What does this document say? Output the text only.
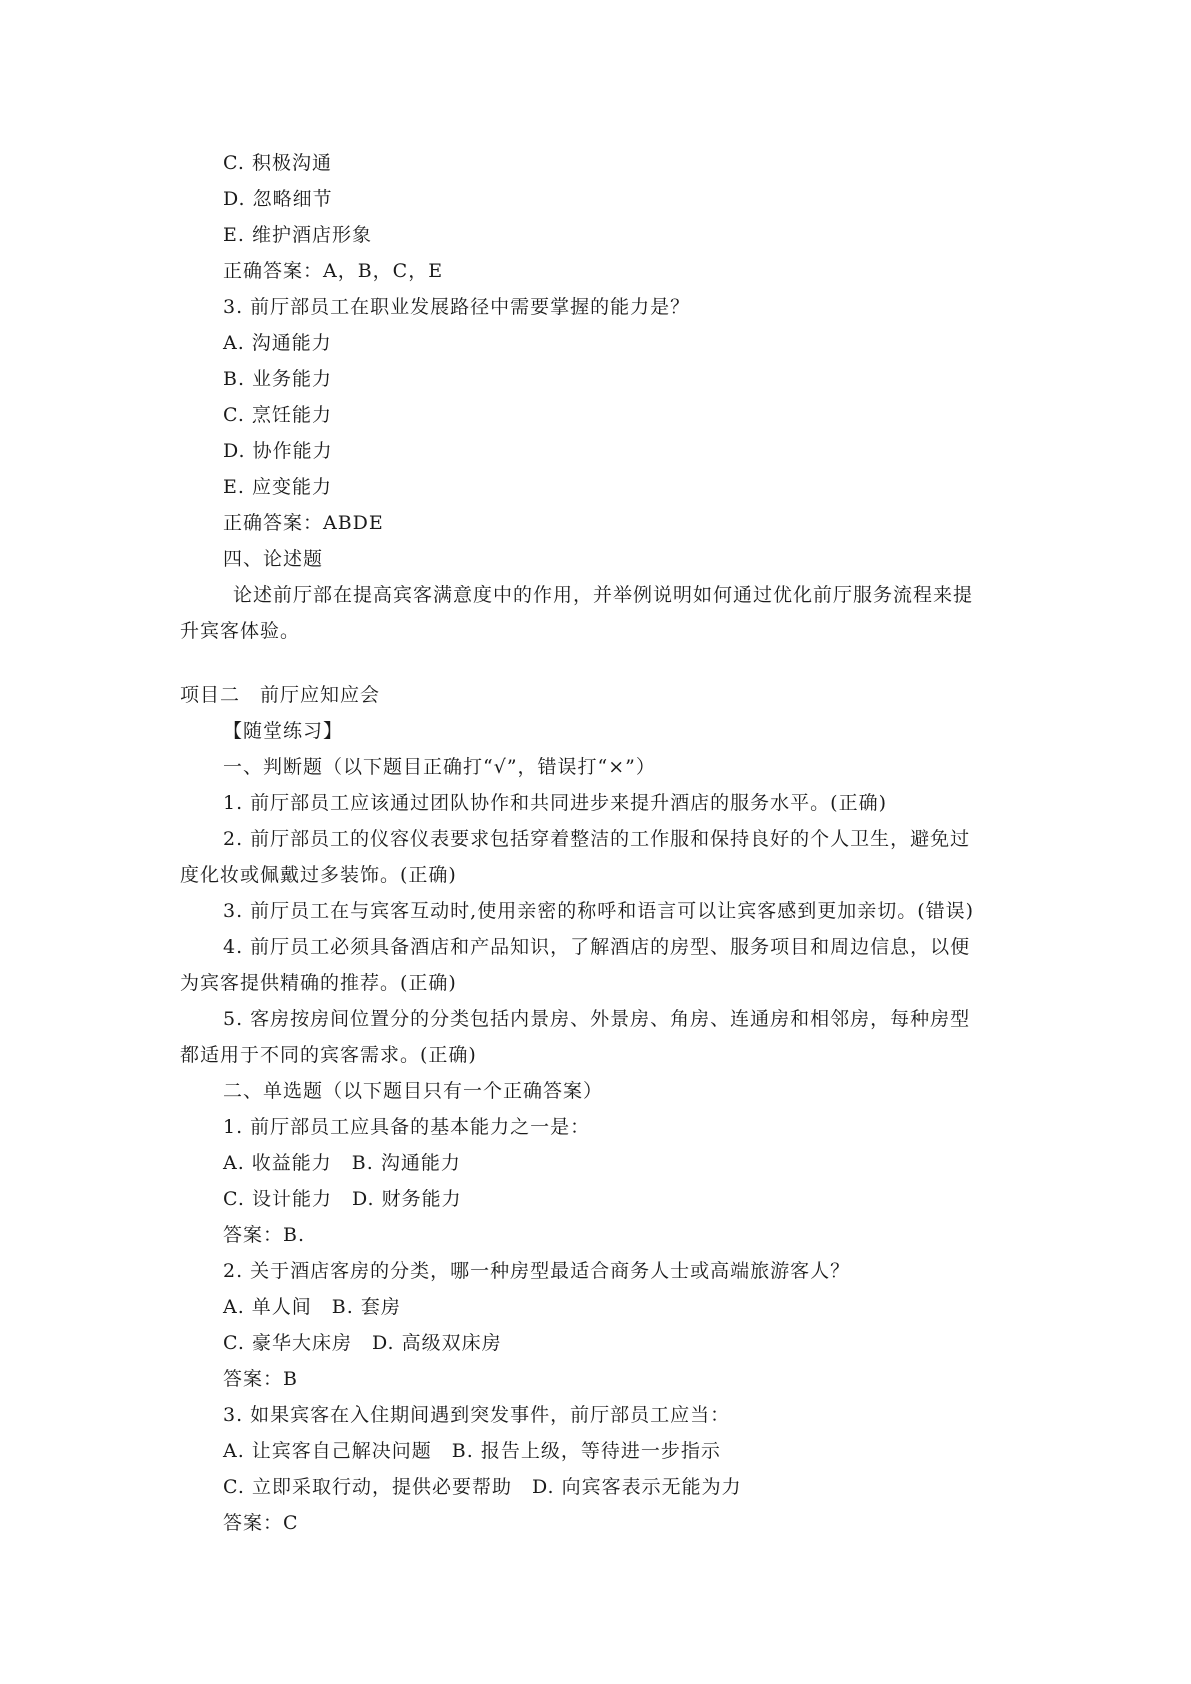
C. 积极沟通
D. 忽略细节
E. 维护酒店形象
正确答案：A，B，C，E
3. 前厅部员工在职业发展路径中需要掌握的能力是？
A. 沟通能力
B. 业务能力
C. 烹饪能力
D. 协作能力
E. 应变能力
正确答案：ABDE
四、论述题
论述前厅部在提高宾客满意度中的作用，并举例说明如何通过优化前厅服务流程来提
升宾客体验。
项目二　前厅应知应会
【随堂练习】
一、判断题（以下题目正确打“√”，错误打“×”）
1. 前厅部员工应该通过团队协作和共同进步来提升酒店的服务水平。(正确)
2. 前厅部员工的仪容仪表要求包括穿着整洁的工作服和保持良好的个人卫生，避免过
度化妆或佩戴过多装饰。(正确)
3. 前厅员工在与宾客互动时,使用亲密的称呼和语言可以让宾客感到更加亲切。(错误)
4. 前厅员工必须具备酒店和产品知识，了解酒店的房型、服务项目和周边信息，以便
为宾客提供精确的推荐。(正确)
5. 客房按房间位置分的分类包括内景房、外景房、角房、连通房和相邻房，每种房型
都适用于不同的宾客需求。(正确)
二、单选题（以下题目只有一个正确答案）
1. 前厅部员工应具备的基本能力之一是：
A. 收益能力　B. 沟通能力
C. 设计能力　D. 财务能力
答案：B.
2. 关于酒店客房的分类，哪一种房型最适合商务人士或高端旅游客人？
A. 单人间　B. 套房
C. 豪华大床房　D. 高级双床房
答案：B
3. 如果宾客在入住期间遇到突发事件，前厅部员工应当：
A. 让宾客自己解决问题　B. 报告上级，等待进一步指示
C. 立即采取行动，提供必要帮助　D. 向宾客表示无能为力
答案：C
